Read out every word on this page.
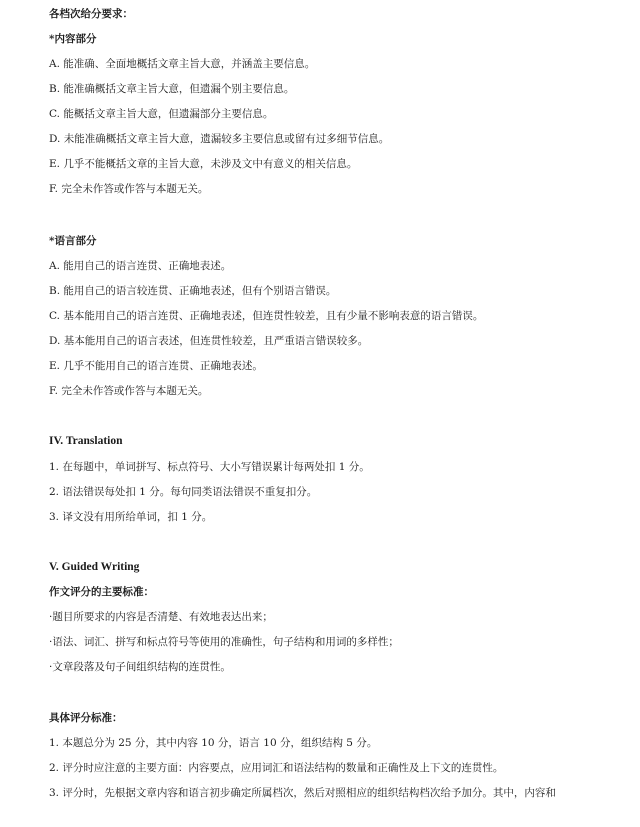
各档次给分要求：
*内容部分
A. 能准确、全面地概括文章主旨大意，并涵盖主要信息。
B. 能准确概括文章主旨大意，但遗漏个别主要信息。
C. 能概括文章主旨大意，但遗漏部分主要信息。
D. 未能准确概括文章主旨大意，遗漏较多主要信息或留有过多细节信息。
E. 几乎不能概括文章的主旨大意，未涉及文中有意义的相关信息。
F. 完全未作答或作答与本题无关。
*语言部分
A. 能用自己的语言连贯、正确地表述。
B. 能用自己的语言较连贯、正确地表述，但有个别语言错误。
C. 基本能用自己的语言连贯、正确地表述，但连贯性较差，且有少量不影响表意的语言错误。
D. 基本能用自己的语言表述，但连贯性较差，且严重语言错误较多。
E. 几乎不能用自己的语言连贯、正确地表述。
F. 完全未作答或作答与本题无关。
IV. Translation
1. 在每题中，单词拼写、标点符号、大小写错误累计每两处扣 1 分。
2. 语法错误每处扣 1 分。每句同类语法错误不重复扣分。
3. 译文没有用所给单词，扣 1 分。
V. Guided Writing
作文评分的主要标准：
·题目所要求的内容是否清楚、有效地表达出来；
·语法、词汇、拼写和标点符号等使用的准确性，句子结构和用词的多样性；
·文章段落及句子间组织结构的连贯性。
具体评分标准：
1. 本题总分为 25 分，其中内容 10 分，语言 10 分，组织结构 5 分。
2. 评分时应注意的主要方面：内容要点，应用词汇和语法结构的数量和正确性及上下文的连贯性。
3. 评分时，先根据文章内容和语言初步确定所属档次，然后对照相应的组织结构档次给予加分。其中，内容和
